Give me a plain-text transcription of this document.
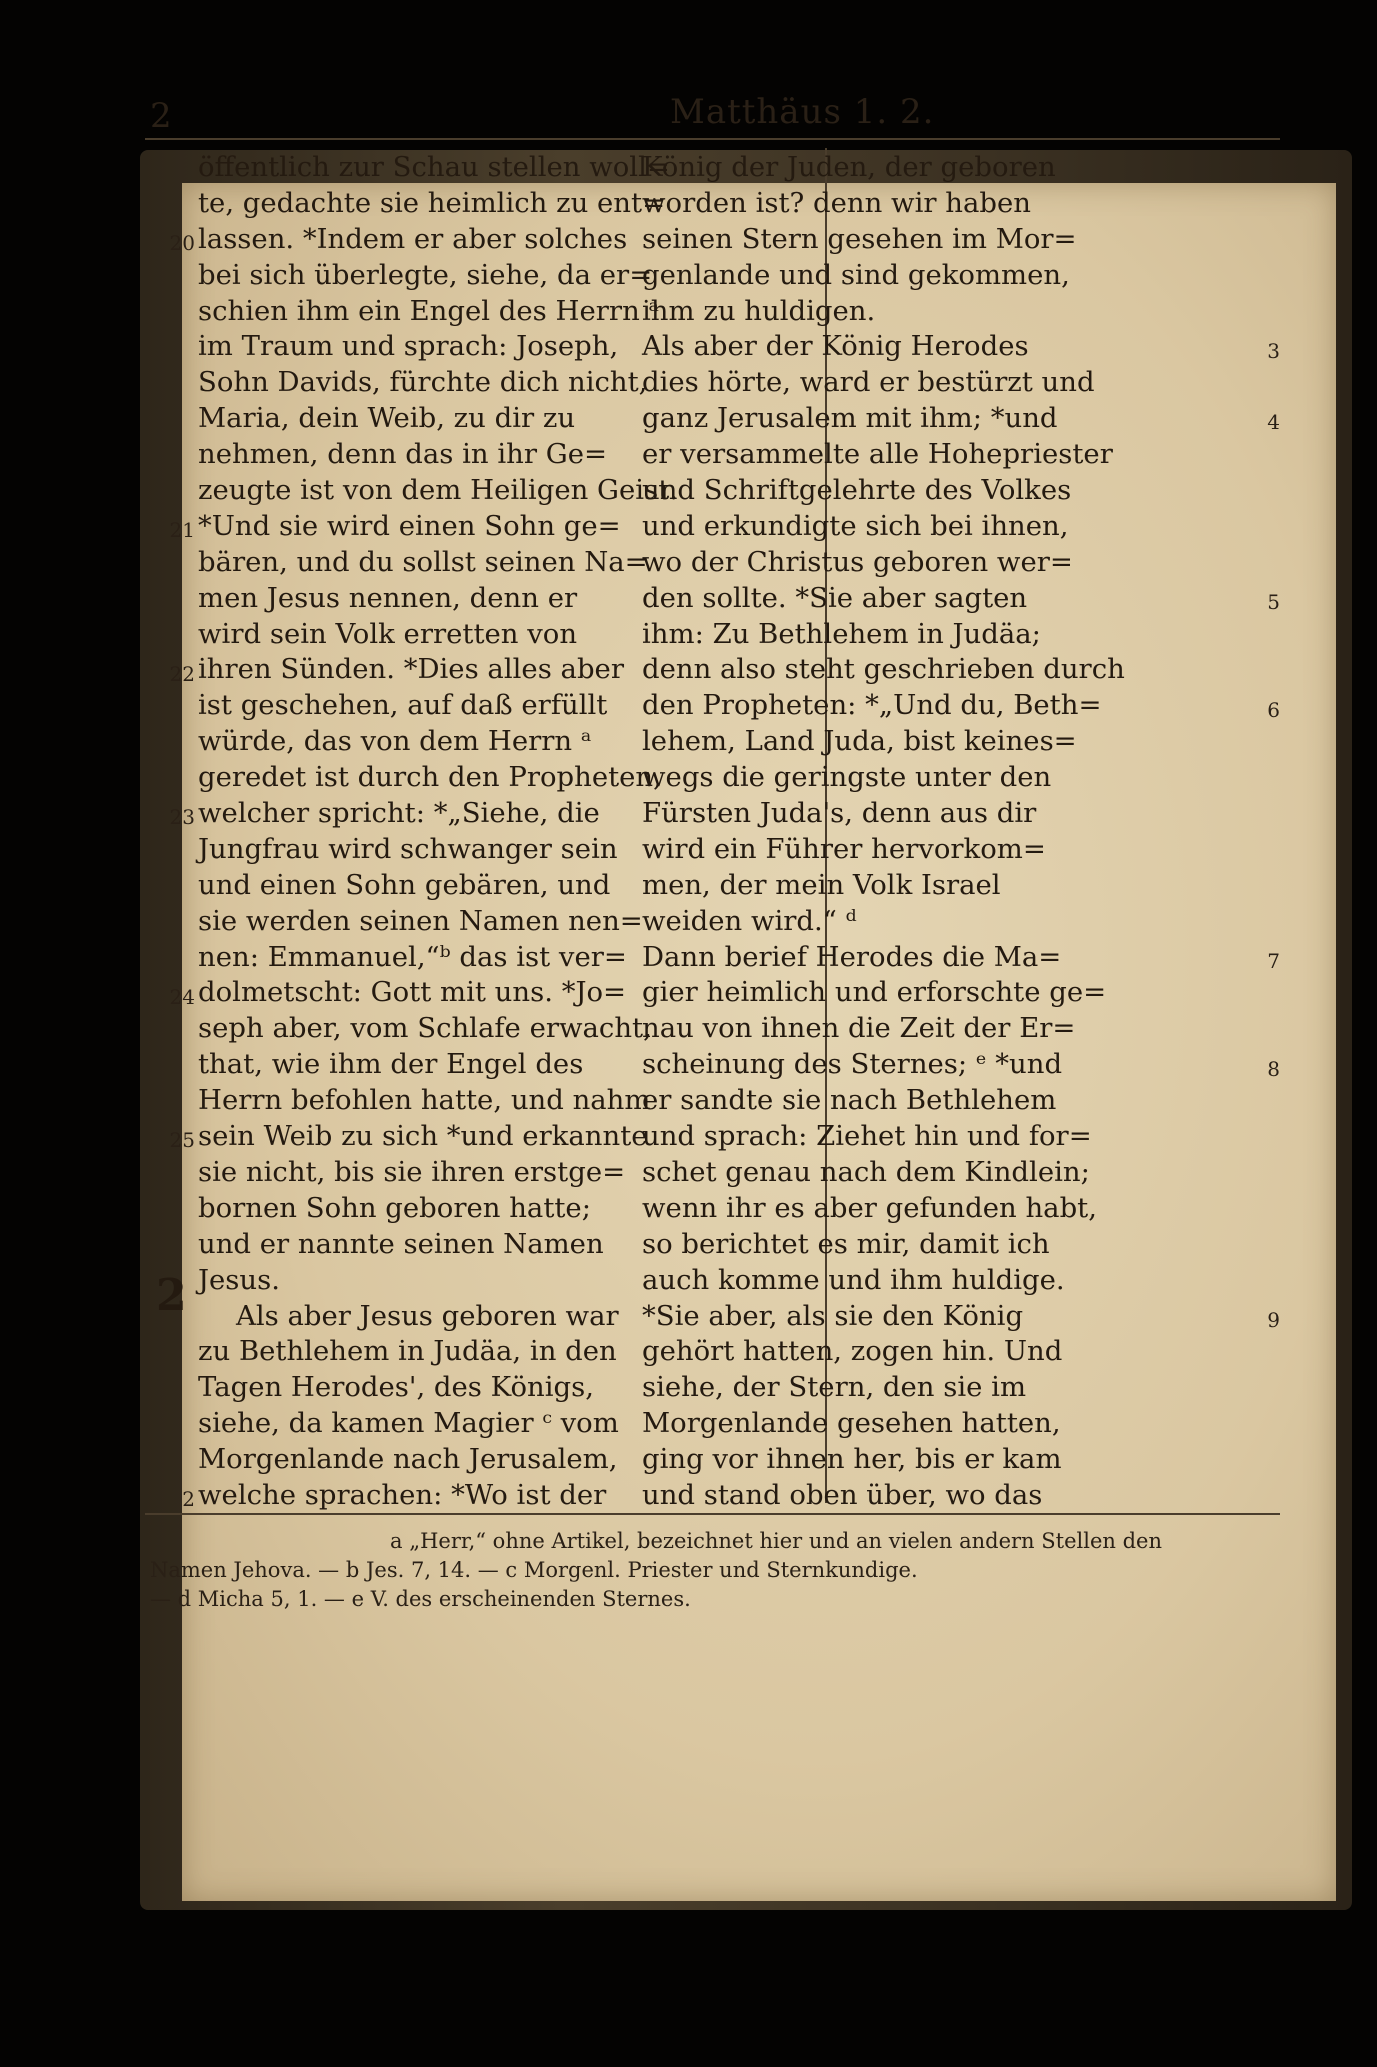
2	Matthäus 1. 2.
öffentlich zur Schau stellen woll=
te, gedachte sie heimlich zu ent=
lassen. *Indem er aber solches
bei sich überlegte, siehe, da er=
schien ihm ein Engel des Herrn ᵃ
im Traum und sprach: Joseph,
Sohn Davids, fürchte dich nicht,
Maria, dein Weib, zu dir zu
nehmen, denn das in ihr Ge=
zeugte ist von dem Heiligen Geist.
*Und sie wird einen Sohn ge=
bären, und du sollst seinen Na=
men Jesus nennen, denn er
wird sein Volk erretten von
ihren Sünden. *Dies alles aber
ist geschehen, auf daß erfüllt
würde, das von dem Herrn ᵃ
geredet ist durch den Propheten,
welcher spricht: *„Siehe, die
Jungfrau wird schwanger sein
und einen Sohn gebären, und
sie werden seinen Namen nen=
nen: Emmanuel,“ᵇ das ist ver=
dolmetscht: Gott mit uns. *Jo=
seph aber, vom Schlafe erwacht,
that, wie ihm der Engel des
Herrn befohlen hatte, und nahm
sein Weib zu sich *und erkannte
sie nicht, bis sie ihren erstge=
bornen Sohn geboren hatte;
und er nannte seinen Namen
Jesus.
Als aber Jesus geboren war
zu Bethlehem in Judäa, in den
Tagen Herodes', des Königs,
siehe, da kamen Magier ᶜ vom
Morgenlande nach Jerusalem,
welche sprachen: *Wo ist der
König der Juden, der geboren
worden ist? denn wir haben
seinen Stern gesehen im Mor=
genlande und sind gekommen,
ihm zu huldigen.
Als aber der König Herodes
dies hörte, ward er bestürzt und
ganz Jerusalem mit ihm; *und
er versammelte alle Hohepriester
und Schriftgelehrte des Volkes
und erkundigte sich bei ihnen,
wo der Christus geboren wer=
den sollte. *Sie aber sagten
ihm: Zu Bethlehem in Judäa;
denn also steht geschrieben durch
den Propheten: *„Und du, Beth=
lehem, Land Juda, bist keines=
wegs die geringste unter den
Fürsten Juda's, denn aus dir
wird ein Führer hervorkom=
men, der mein Volk Israel
weiden wird.“ ᵈ
Dann berief Herodes die Ma=
gier heimlich und erforschte ge=
nau von ihnen die Zeit der Er=
scheinung des Sternes; ᵉ *und
er sandte sie nach Bethlehem
und sprach: Ziehet hin und for=
schet genau nach dem Kindlein;
wenn ihr es aber gefunden habt,
so berichtet es mir, damit ich
auch komme und ihm huldige.
*Sie aber, als sie den König
gehört hatten, zogen hin. Und
siehe, der Stern, den sie im
Morgenlande gesehen hatten,
ging vor ihnen her, bis er kam
und stand oben über, wo das
2
20
21
22
23
24
25
2
3
4
5
6
7
8
9
a „Herr,“ ohne Artikel, bezeichnet hier und an vielen andern Stellen den
Namen Jehova. — b Jes. 7, 14. — c Morgenl. Priester und Sternkundige.
— d Micha 5, 1. — e V. des erscheinenden Sternes.
